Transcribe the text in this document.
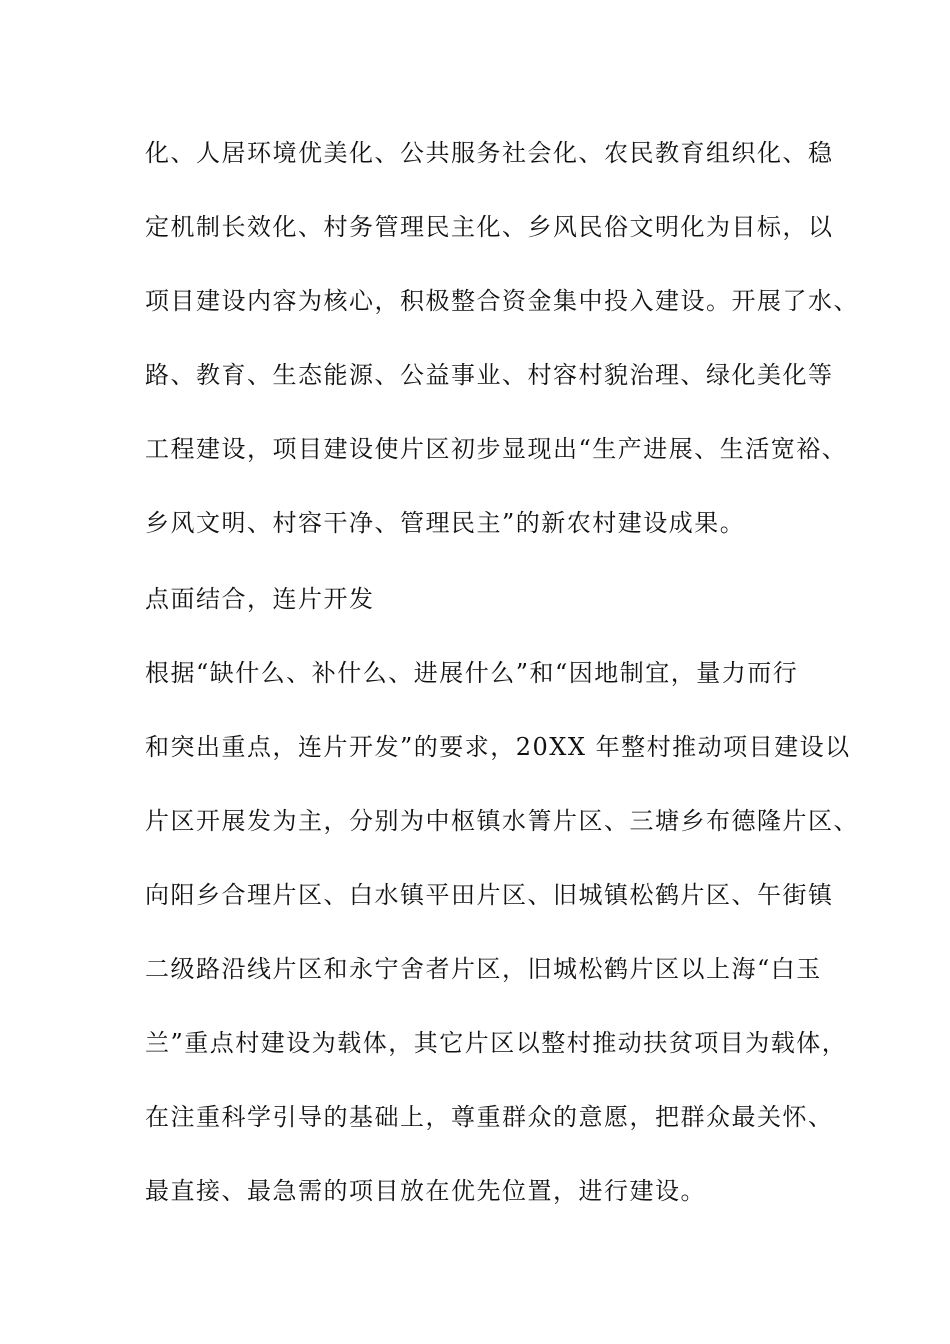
化、人居环境优美化、公共服务社会化、农民教育组织化、稳
定机制长效化、村务管理民主化、乡风民俗文明化为目标，以
项目建设内容为核心，积极整合资金集中投入建设。开展了水、
路、教育、生态能源、公益事业、村容村貌治理、绿化美化等
工程建设，项目建设使片区初步显现出“生产进展、生活宽裕、
乡风文明、村容干净、管理民主”的新农村建设成果。
点面结合，连片开发
根据“缺什么、补什么、进展什么”和“因地制宜，量力而行
和突出重点，连片开发”的要求，20XX 年整村推动项目建设以
片区开展发为主，分别为中枢镇水箐片区、三塘乡布德隆片区、
向阳乡合理片区、白水镇平田片区、旧城镇松鹤片区、午街镇
二级路沿线片区和永宁舍者片区，旧城松鹤片区以上海“白玉
兰”重点村建设为载体，其它片区以整村推动扶贫项目为载体，
在注重科学引导的基础上，尊重群众的意愿，把群众最关怀、
最直接、最急需的项目放在优先位置，进行建设。
